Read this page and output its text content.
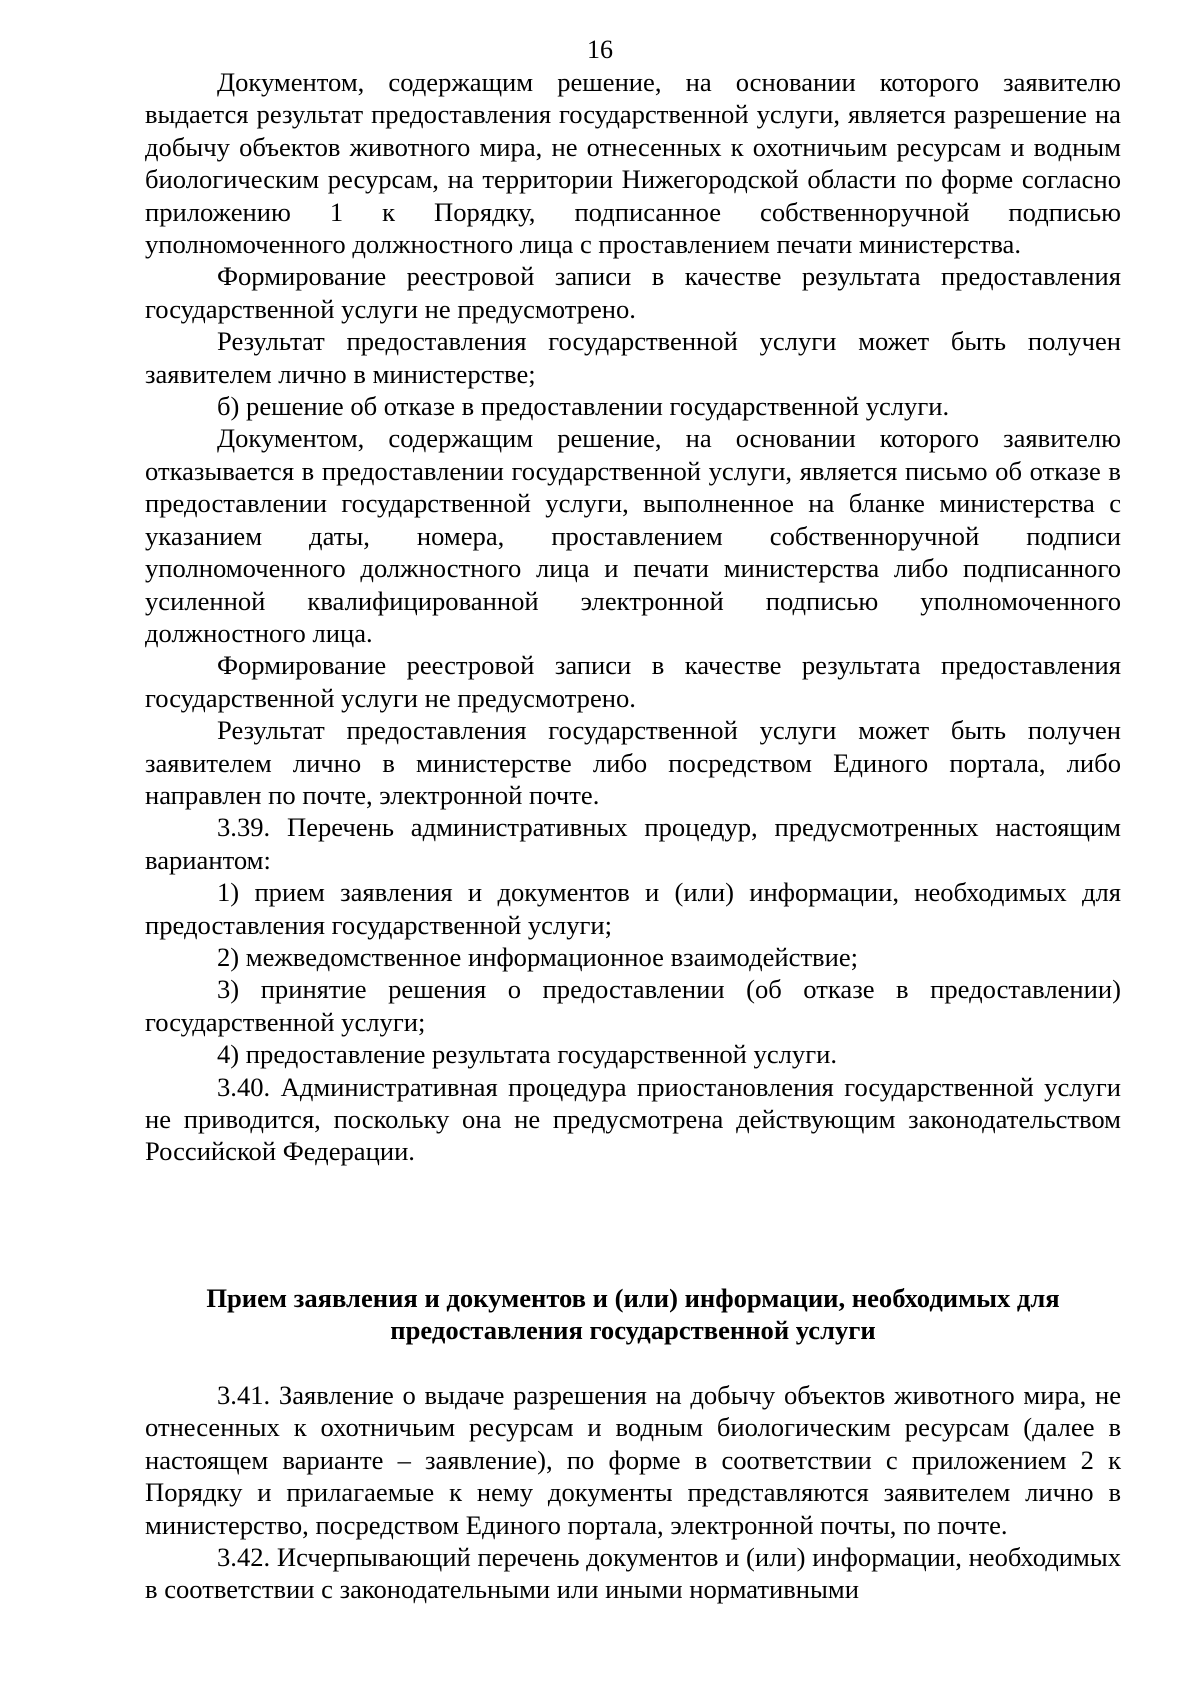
16

Документом, содержащим решение, на основании которого заявителю выдается результат предоставления государственной услуги, является разрешение на добычу объектов животного мира, не отнесенных к охотничьим ресурсам и водным биологическим ресурсам, на территории Нижегородской области по форме согласно приложению 1 к Порядку, подписанное собственноручной подписью уполномоченного должностного лица с проставлением печати министерства.

Формирование реестровой записи в качестве результата предоставления государственной услуги не предусмотрено.

Результат предоставления государственной услуги может быть получен заявителем лично в министерстве;

б) решение об отказе в предоставлении государственной услуги.

Документом, содержащим решение, на основании которого заявителю отказывается в предоставлении государственной услуги, является письмо об отказе в предоставлении государственной услуги, выполненное на бланке министерства с указанием даты, номера, проставлением собственноручной подписи уполномоченного должностного лица и печати министерства либо подписанного усиленной квалифицированной электронной подписью уполномоченного должностного лица.

Формирование реестровой записи в качестве результата предоставления государственной услуги не предусмотрено.

Результат предоставления государственной услуги может быть получен заявителем лично в министерстве либо посредством Единого портала, либо направлен по почте, электронной почте.

3.39. Перечень административных процедур, предусмотренных настоящим вариантом:

1) прием заявления и документов и (или) информации, необходимых для предоставления государственной услуги;

2) межведомственное информационное взаимодействие;

3) принятие решения о предоставлении (об отказе в предоставлении) государственной услуги;

4) предоставление результата государственной услуги.

3.40. Административная процедура приостановления государственной услуги не приводится, поскольку она не предусмотрена действующим законодательством Российской Федерации.

Прием заявления и документов и (или) информации, необходимых для предоставления государственной услуги

3.41. Заявление о выдаче разрешения на добычу объектов животного мира, не отнесенных к охотничьим ресурсам и водным биологическим ресурсам (далее в настоящем варианте – заявление), по форме в соответствии с приложением 2 к Порядку и прилагаемые к нему документы представляются заявителем лично в министерство, посредством Единого портала, электронной почты, по почте.

3.42. Исчерпывающий перечень документов и (или) информации, необходимых в соответствии с законодательными или иными нормативными
